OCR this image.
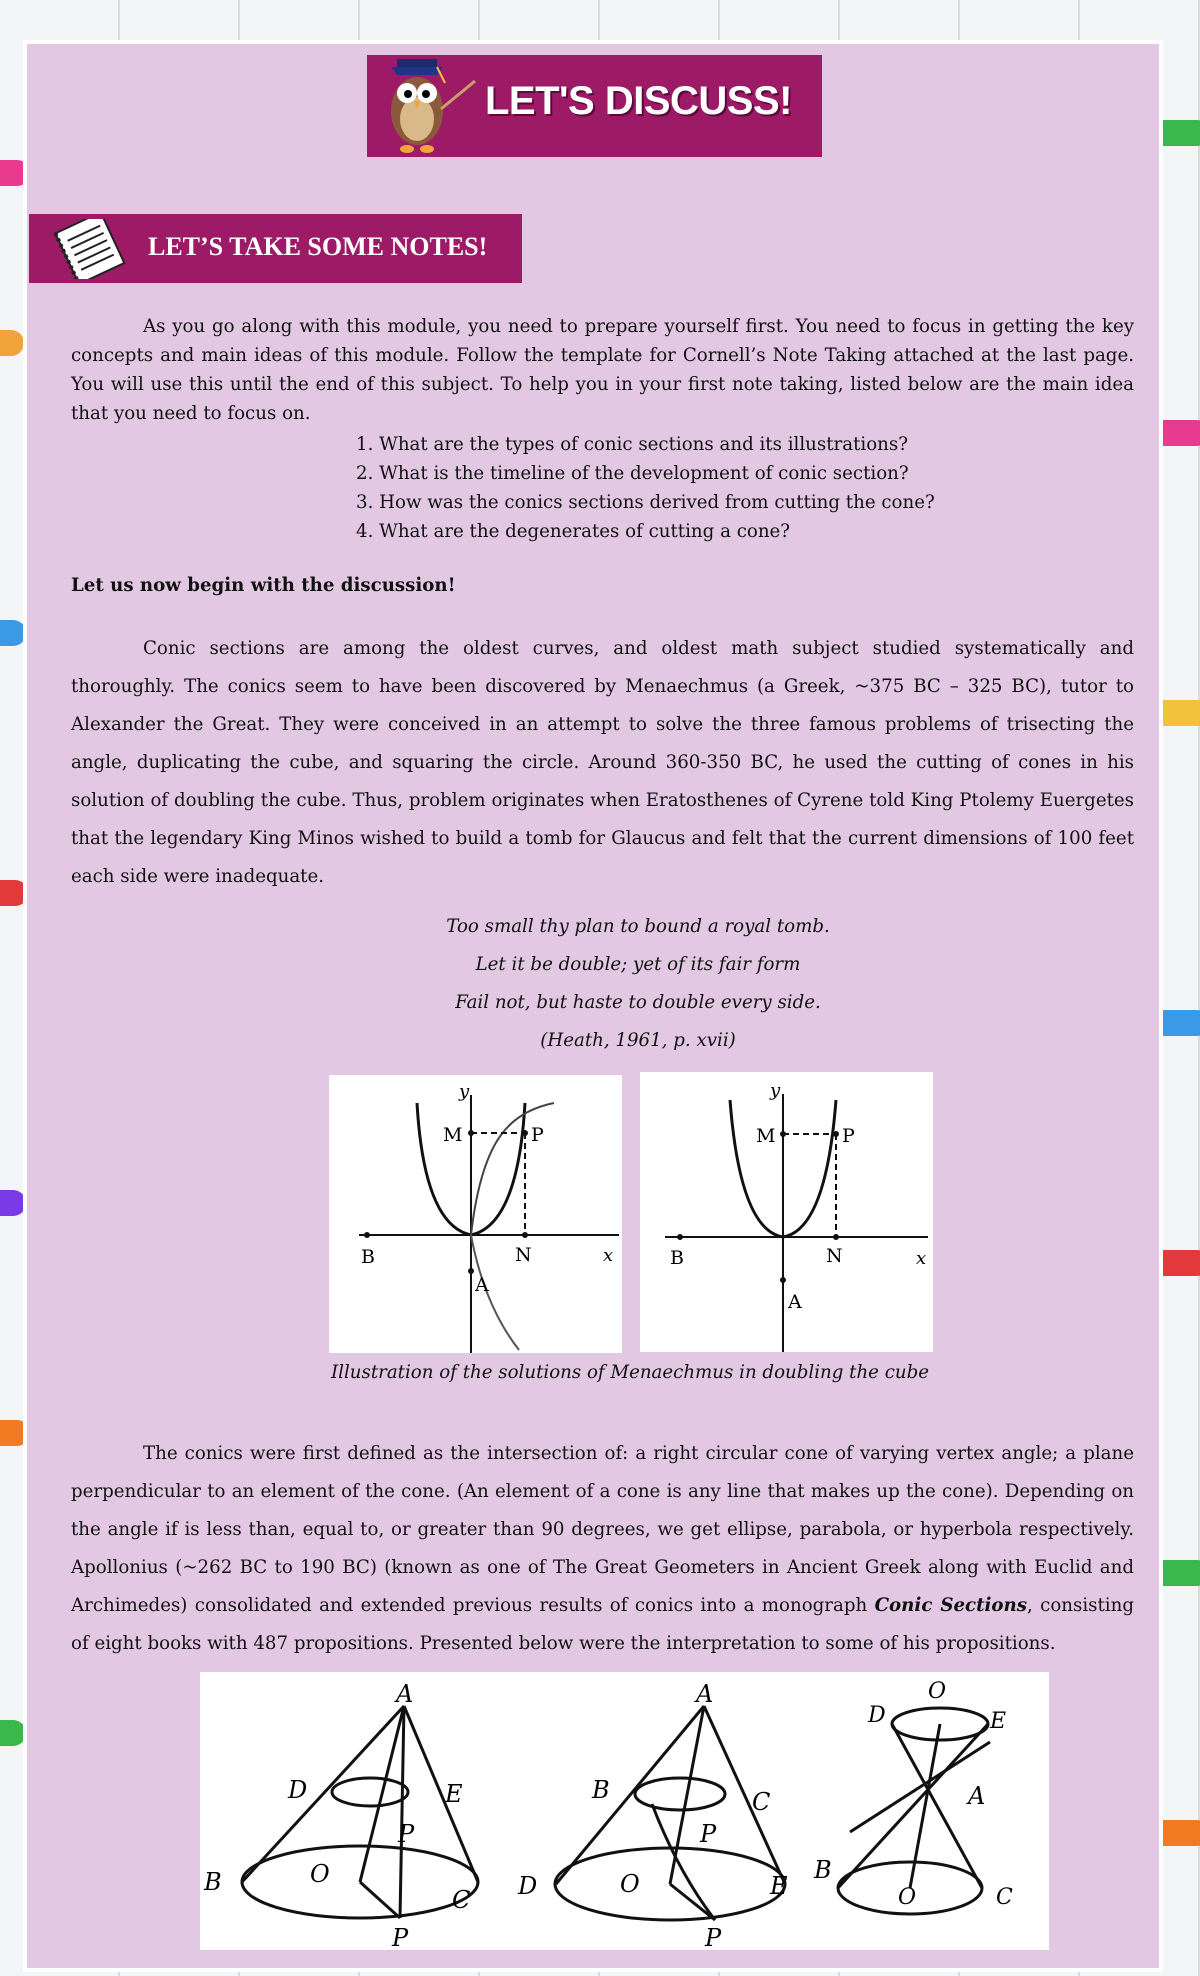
LET'S DISCUSS!
LET’S TAKE SOME NOTES!
As you go along with this module, you need to prepare yourself first. You need to focus in getting the key concepts and main ideas of this module. Follow the template for Cornell’s Note Taking attached at the last page. You will use this until the end of this subject. To help you in your first note taking, listed below are the main idea that you need to focus on.
1. What are the types of conic sections and its illustrations?
2. What is the timeline of the development of conic section?
3. How was the conics sections derived from cutting the cone?
4. What are the degenerates of cutting a cone?
Let us now begin with the discussion!
Conic sections are among the oldest curves, and oldest math subject studied systematically and thoroughly. The conics seem to have been discovered by Menaechmus (a Greek, ~375 BC – 325 BC), tutor to Alexander the Great. They were conceived in an attempt to solve the three famous problems of trisecting the angle, duplicating the cube, and squaring the circle. Around 360-350 BC, he used the cutting of cones in his solution of doubling the cube. Thus, problem originates when Eratosthenes of Cyrene told King Ptolemy Euergetes that the legendary King Minos wished to build a tomb for Glaucus and felt that the current dimensions of 100 feet each side were inadequate.
Too small thy plan to bound a royal tomb.
Let it be double; yet of its fair form
Fail not, but haste to double every side.
(Heath, 1961, p. xvii)
y
M	P
B	N	x
A
y
M	P
B	N	x
A
Illustration of the solutions of Menaechmus in doubling the cube
The conics were first defined as the intersection of: a right circular cone of varying vertex angle; a plane perpendicular to an element of the cone. (An element of a cone is any line that makes up the cone). Depending on the angle if is less than, equal to, or greater than 90 degrees, we get ellipse, parabola, or hyperbola respectively. Apollonius (~262 BC to 190 BC) (known as one of The Great Geometers in Ancient Greek along with Euclid and Archimedes) consolidated and extended previous results of conics into a monograph Conic Sections, consisting of eight books with 487 propositions. Presented below were the interpretation to some of his propositions.
A
D	E
P
B	O
C
P
A
B	C
P
D	O	E
P
O
D	E
A
B
O	C
